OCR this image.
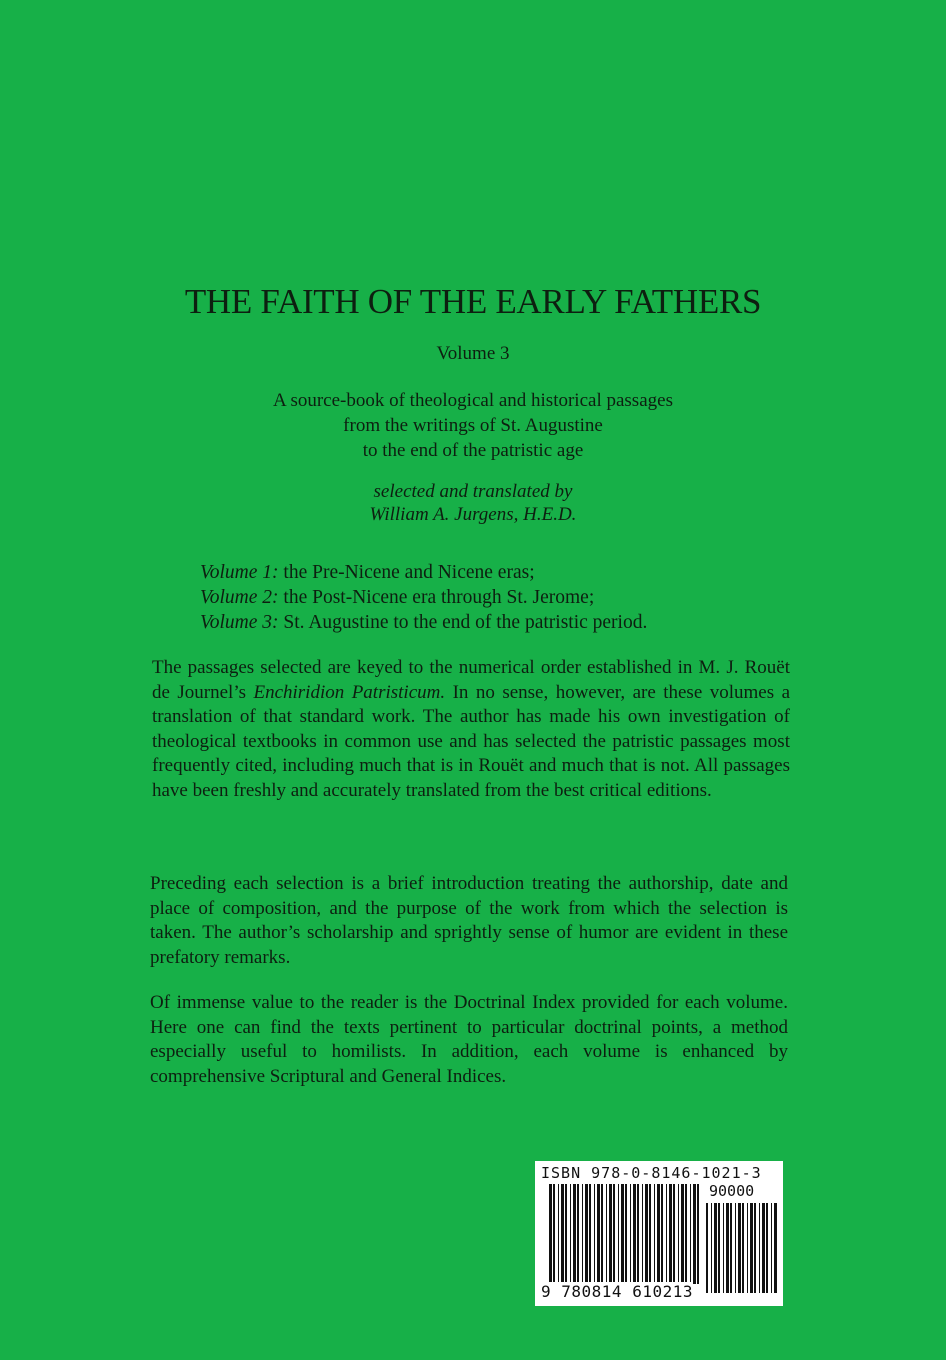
THE FAITH OF THE EARLY FATHERS
Volume 3
A source-book of theological and historical passages
from the writings of St. Augustine
to the end of the patristic age
selected and translated by
William A. Jurgens, H.E.D.
Volume 1: the Pre-Nicene and Nicene eras;
Volume 2: the Post-Nicene era through St. Jerome;
Volume 3: St. Augustine to the end of the patristic period.

The passages selected are keyed to the numerical order established in M. J. Rouët de Journel’s Enchiridion Patristicum. In no sense, however, are these volumes a translation of that standard work. The author has made his own investigation of theological textbooks in common use and has selected the patristic passages most frequently cited, including much that is in Rouët and much that is not. All passages have been freshly and accurately translated from the best critical editions.

Preceding each selection is a brief introduction treating the authorship, date and place of composition, and the purpose of the work from which the selection is taken. The author’s scholarship and sprightly sense of humor are evident in these prefatory remarks.

Of immense value to the reader is the Doctrinal Index provided for each volume. Here one can find the texts pertinent to particular doctrinal points, a method especially useful to homilists. In addition, each volume is enhanced by comprehensive Scriptural and General Indices.

ISBN 978-0-8146-1021-3
90000
9 780814 610213
